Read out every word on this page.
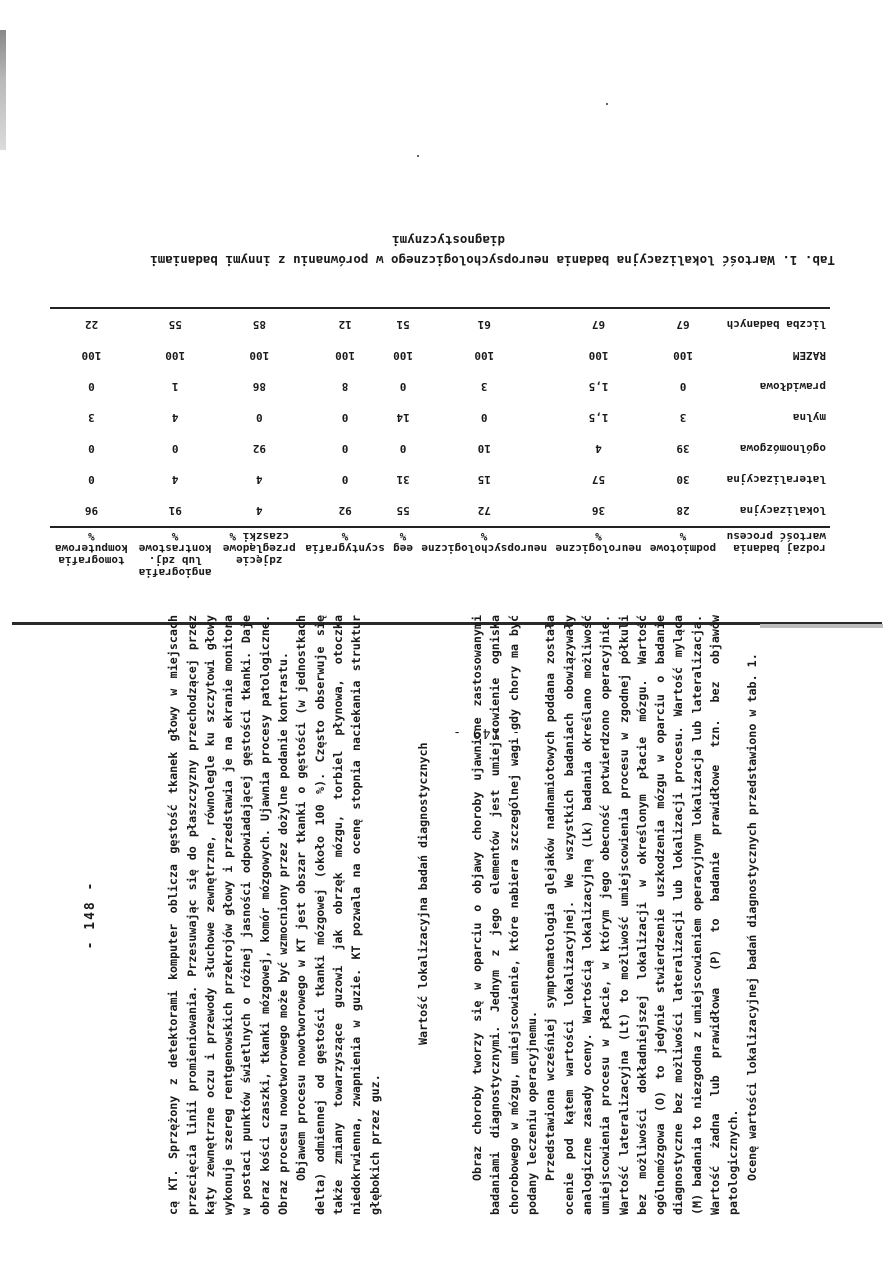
- 149 -
Tab. 1. Wartość lokalizacyjna badania neuropsychologicznego w porównaniu z innymi badaniami
diagnostycznymi
rodzaj badania wartość procesu	podmiotowe %	neurologiczne %	neuropsychologiczne %	eeg %	scyntygrafia %	zdjęcie przeglądowe czaszki %	angiografia lub zdj. kontrastowe %	tomografia komputerowa %
lokalizacyjna	28	36	72	55	92	4	91	96
lateralizacyjna	30	57	15	31	0	4	4	0
ogólnomózgowa	39	4	10	0	0	92	0	0
mylna	3	1,5	0	14	0	0	4	3
prawidłowa	0	1,5	3	0	8	86	1	0
RAZEM	100	100	100	100	100	100	100	100
liczba badanych	67	67	61	51	12	85	55	22
- 148 -	cą KT. Sprzężony z detektorami komputer oblicza gęstość tkanek głowy w miejscach przecięcia linii promieniowania. Przesuwając się do płaszczyzny przechodzącej przez kąty zewnętrzne oczu i przewody słuchowe zewnętrzne, równolegle ku szczytowi głowy wykonuje szereg rentgenowskich przekrojów głowy i przedstawia je na ekranie monitora w postaci punktów świetlnych o różnej jasności odpowiadającej gęstości tkanki. Daje obraz kości czaszki, tkanki mózgowej, komór mózgowych. Ujawnia procesy patologiczne. Obraz procesu nowotworowego może być wzmocniony przez dożylne podanie kontrastu. Objawem procesu nowotworowego w KT jest obszar tkanki o gęstości (w jednostkach delta) odmiennej od gęstości tkanki mózgowej (około 100 %). Często obserwuje się także zmiany towarzyszące guzowi jak obrzęk mózgu, torbiel płynowa, otoczka niedokrwienna, zwapnienia w guzie. KT pozwala na ocenę stopnia naciekania struktur głębokich przez guz.

Wartość lokalizacyjna badań diagnostycznych	Obraz choroby tworzy się w oparciu o objawy choroby ujawnione zastosowanymi badaniami diagnostycznymi. Jednym z jego elementów jest umiejscowienie ogniska chorobowego w mózgu, umiejscowienie, które nabiera szczególnej wagi gdy chory ma być podany leczeniu operacyjnemu. Przedstawiona wcześniej symptomatologia glejaków nadnamiotowych poddana została ocenie pod kątem wartości lokalizacyjnej. We wszystkich badaniach obowiązywały analogiczne zasady oceny. Wartością lokalizacyjną (Lk) badania określano możliwość umiejscowienia procesu w płacie, w którym jego obecność potwierdzono operacyjnie. Wartość lateralizacyjna (Lt) to możliwość umiejscowienia procesu w zgodnej półkuli bez możliwości dokładniejszej lokalizacji w określonym płacie mózgu. Wartość ogólnomózgowa (O) to jedynie stwierdzenie uszkodzenia mózgu w oparciu o badanie diagnostyczne bez możliwości lateralizacji lub lokalizacji procesu. Wartość myląca (M) badania to niezgodna z umiejscowieniem operacyjnym lokalizacja lub lateralizacja. Wartość żadna lub prawidłowa (P) to badanie prawidłowe tzn. bez objawów patologicznych. Ocenę wartości lokalizacyjnej badań diagnostycznych przedstawiono w tab. 1.
